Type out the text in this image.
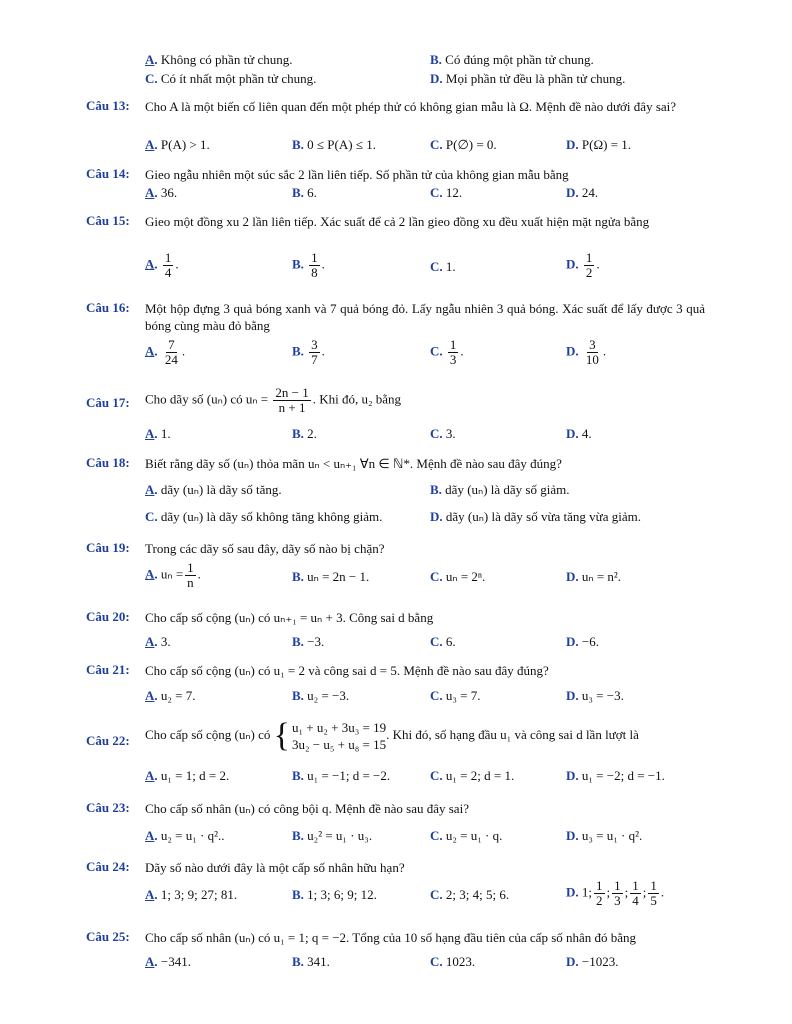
A. Không có phần tử chung.	B. Có đúng một phần tử chung.
C. Có ít nhất một phần tử chung.	D. Mọi phần tử đều là phần tử chung.
Câu 13: Cho A là một biến cố liên quan đến một phép thử có không gian mẫu là Ω. Mệnh đề nào dưới đây sai?
A. P(A) > 1.	B. 0 ≤ P(A) ≤ 1.	C. P(∅) = 0.	D. P(Ω) = 1.
Câu 14: Gieo ngẫu nhiên một súc sắc 2 lần liên tiếp. Số phần tử của không gian mẫu bằng
A. 36.	B. 6.	C. 12.	D. 24.
Câu 15: Gieo một đồng xu 2 lần liên tiếp. Xác suất để cả 2 lần gieo đồng xu đều xuất hiện mặt ngửa bằng
A. $\frac{1}{4}$ .	B. $\frac{1}{8}$ .	C. 1.	D. $\frac{1}{2}$ .
Câu 16: Một hộp đựng 3 quả bóng xanh và 7 quả bóng đỏ. Lấy ngẫu nhiên 3 quả bóng. Xác suất để lấy được 3 quả bóng cùng màu đỏ bằng
A. $\frac{7}{24}$ .	B. $\frac{3}{7}$ .	C. $\frac{1}{3}$ .	D. $\frac{3}{10}$ .
Câu 17: Cho dãy số (uₙ) có $u_n = \frac{2n - 1}{n + 1}$ . Khi đó, u₂ bằng
A. 1.	B. 2.	C. 3.	D. 4.
Câu 18: Biết rằng dãy số (uₙ) thỏa mãn uₙ < uₙ₊₁ ∀n ∈ ℕ*. Mệnh đề nào sau đây đúng?
A. dãy (uₙ) là dãy số tăng.	B. dãy (uₙ) là dãy số giảm.
C. dãy (uₙ) là dãy số không tăng không giảm.	D. dãy (uₙ) là dãy số vừa tăng vừa giảm.
Câu 19: Trong các dãy số sau đây, dãy số nào bị chặn?
A. $u_n = \frac{1}{n}$ .	B. uₙ = 2n − 1.	C. uₙ = 2ⁿ.	D. uₙ = n².
Câu 20: Cho cấp số cộng (uₙ) có uₙ₊₁ = uₙ + 3. Công sai d bằng
A. 3.	B. −3.	C. 6.	D. −6.
Câu 21: Cho cấp số cộng (uₙ) có u₁ = 2 và công sai d = 5. Mệnh đề nào sau đây đúng?
A. u₂ = 7.	B. u₂ = −3.	C. u₃ = 7.	D. u₃ = −3.
Câu 22: Cho cấp số cộng (uₙ) có { u₁ + u₂ + 3u₃ = 19
3u₂ − u₅ + u₈ = 15
. Khi đó, số hạng đầu u₁ và công sai d lần lượt là
A. u₁ = 1; d = 2.	B. u₁ = −1; d = −2.	C. u₁ = 2; d = 1.	D. u₁ = −2; d = −1.
Câu 23: Cho cấp số nhân (uₙ) có công bội q. Mệnh đề nào sau đây sai?
A. u₂ = u₁ · q²..	B. u₂² = u₁ · u₃.	C. u₂ = u₁ · q.	D. u₃ = u₁ · q².
Câu 24: Dãy số nào dưới đây là một cấp số nhân hữu hạn?
A. 1; 3; 9; 27; 81.	B. 1; 3; 6; 9; 12.	C. 2; 3; 4; 5; 6.	D. 1; $\frac{1}{2}$ ; $\frac{1}{3}$ ; $\frac{1}{4}$ ; $\frac{1}{5}$ .
Câu 25: Cho cấp số nhân (uₙ) có u₁ = 1; q = −2. Tổng của 10 số hạng đầu tiên của cấp số nhân đó bằng
A. −341.	B. 341.	C. 1023.	D. −1023.
